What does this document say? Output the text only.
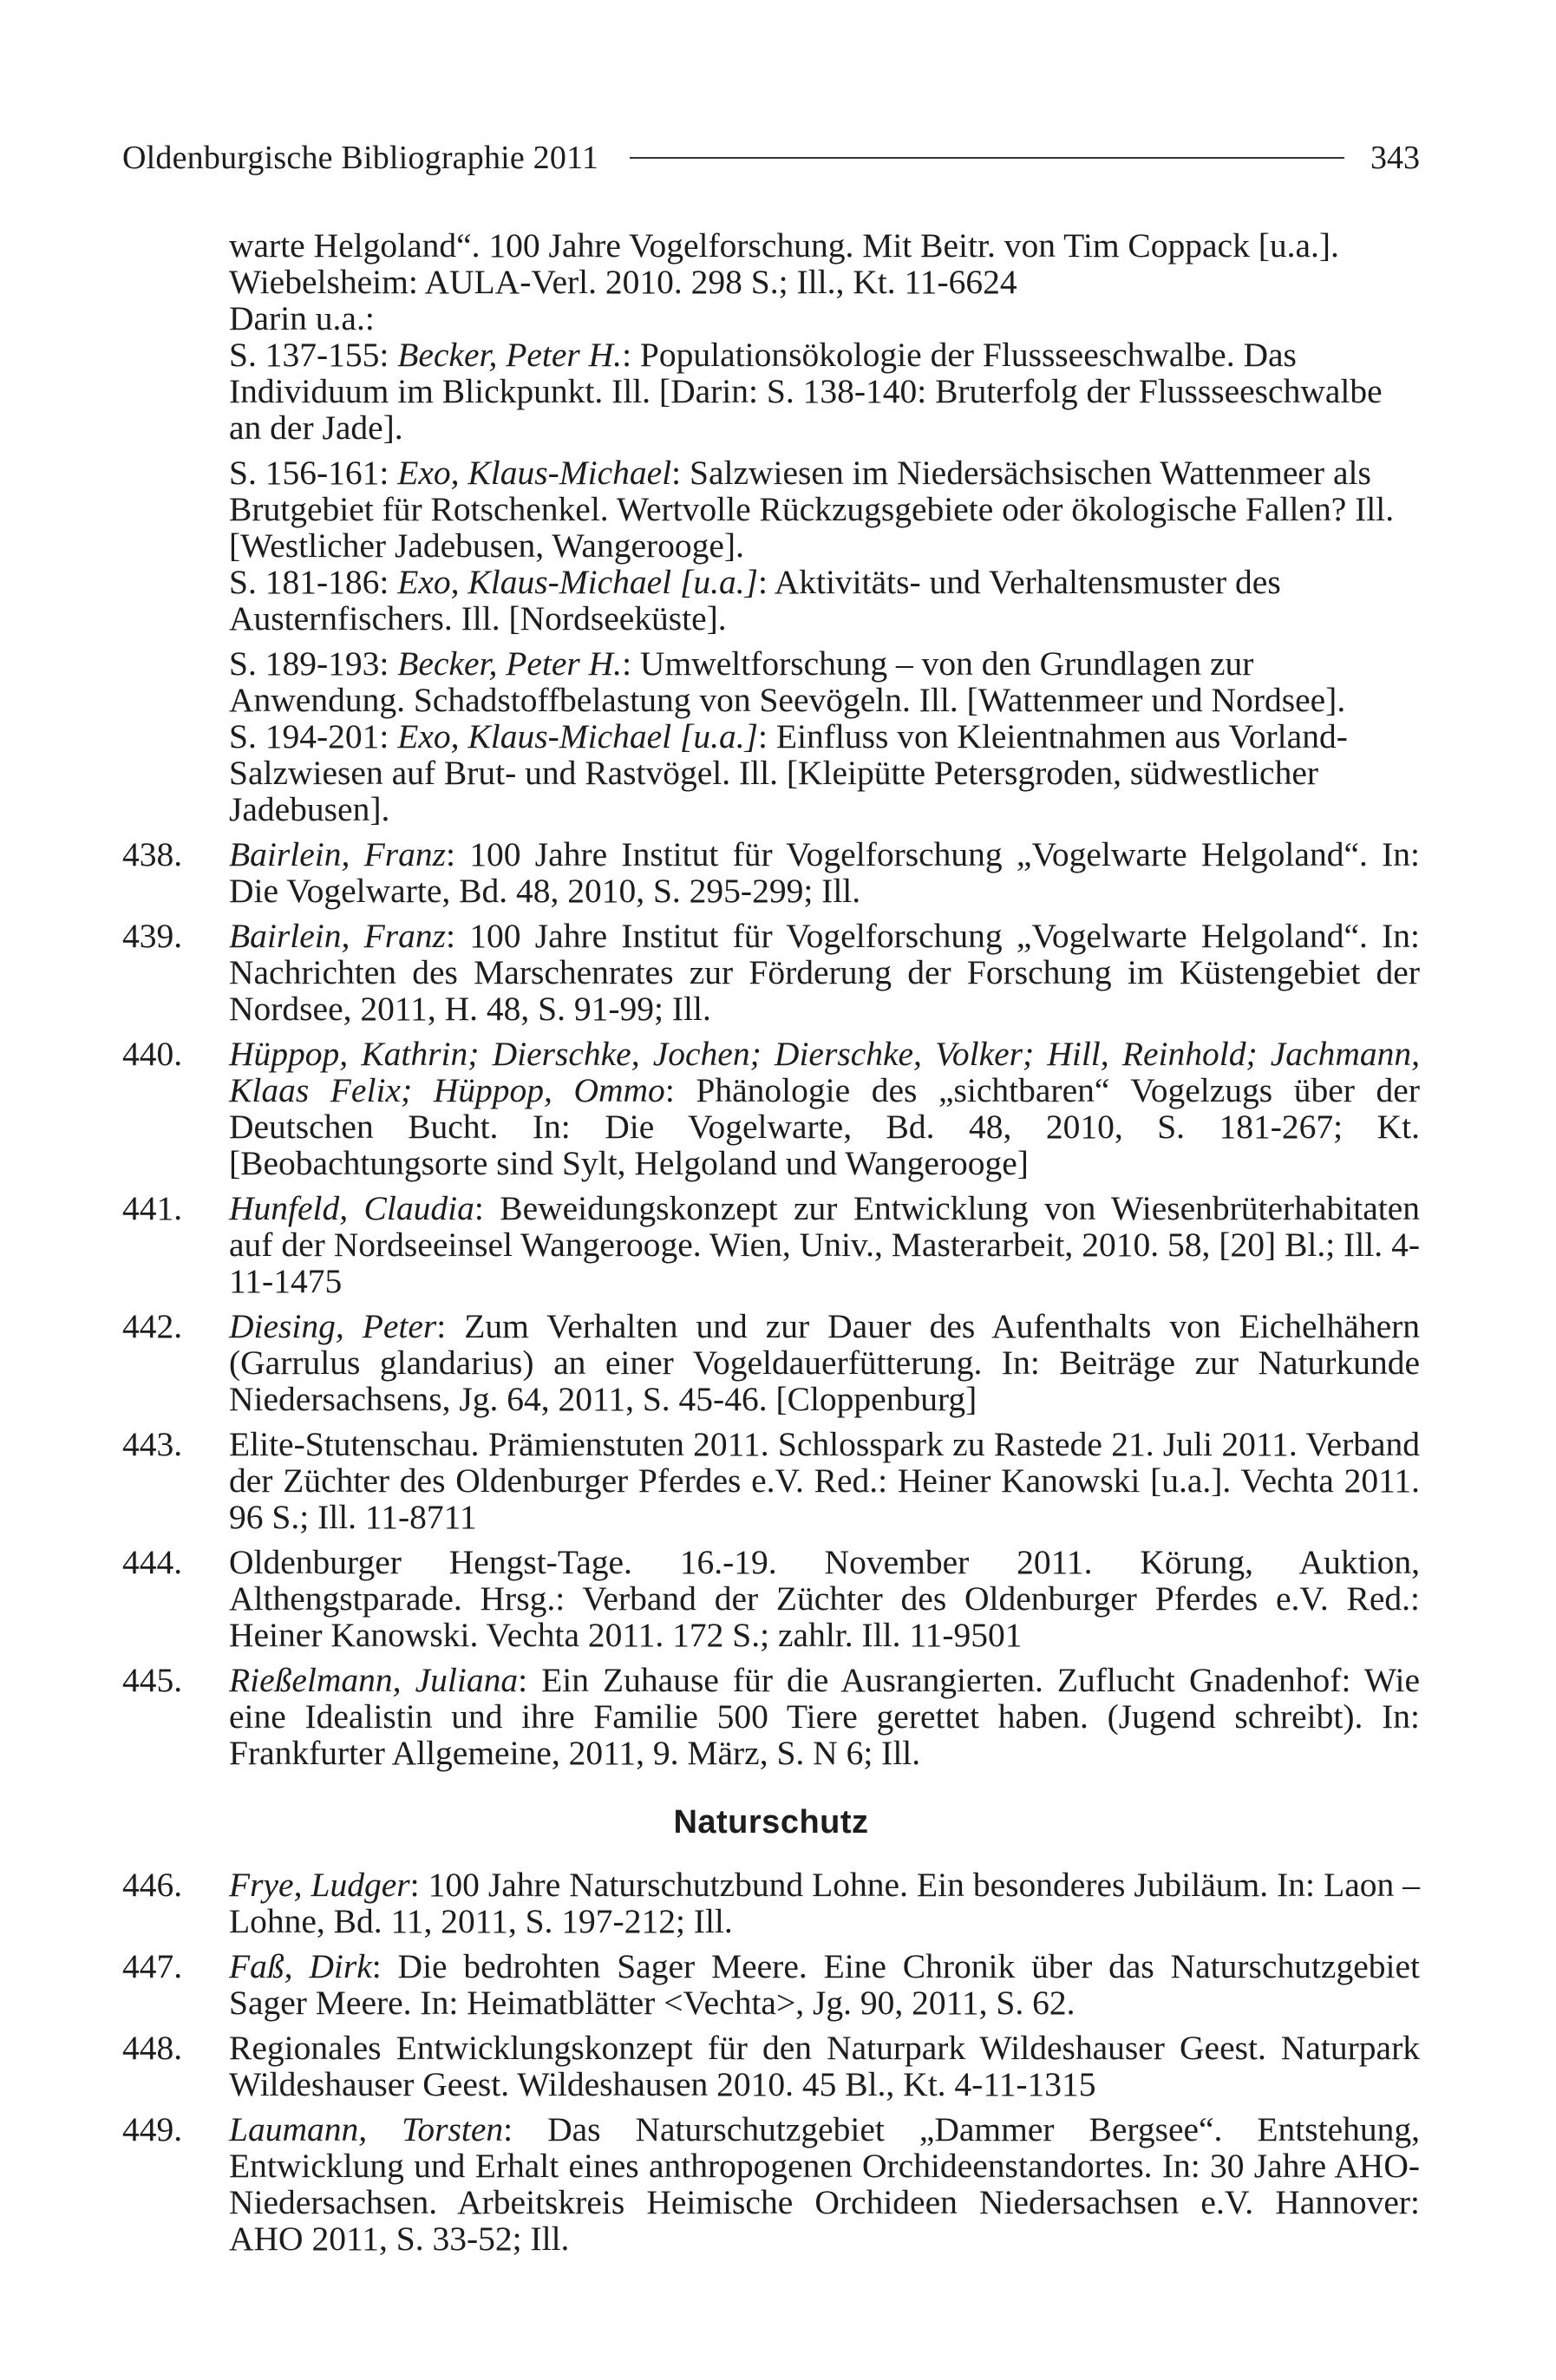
Oldenburgische Bibliographie 2011	343

warte Helgoland“. 100 Jahre Vogelforschung. Mit Beitr. von Tim Coppack [u.a.]. Wiebelsheim: AULA-Verl. 2010. 298 S.; Ill., Kt. 11-6624

Darin u.a.:

S. 137-155: Becker, Peter H.: Populationsökologie der Flussseeschwalbe. Das Individuum im Blickpunkt. Ill. [Darin: S. 138-140: Bruterfolg der Flussseeschwalbe an der Jade].

S. 156-161: Exo, Klaus-Michael: Salzwiesen im Niedersächsischen Wattenmeer als Brutgebiet für Rotschenkel. Wertvolle Rückzugsgebiete oder ökologische Fallen? Ill. [Westlicher Jadebusen, Wangerooge].

S. 181-186: Exo, Klaus-Michael [u.a.]: Aktivitäts- und Verhaltensmuster des Austernfischers. Ill. [Nordseeküste].

S. 189-193: Becker, Peter H.: Umweltforschung – von den Grundlagen zur Anwendung. Schadstoffbelastung von Seevögeln. Ill. [Wattenmeer und Nordsee].

S. 194-201: Exo, Klaus-Michael [u.a.]: Einfluss von Kleientnahmen aus Vorland-Salzwiesen auf Brut- und Rastvögel. Ill. [Kleipütte Petersgroden, südwestlicher Jadebusen].

438.	Bairlein, Franz: 100 Jahre Institut für Vogelforschung „Vogelwarte Helgoland“. In: Die Vogelwarte, Bd. 48, 2010, S. 295-299; Ill.
439.	Bairlein, Franz: 100 Jahre Institut für Vogelforschung „Vogelwarte Helgoland“. In: Nachrichten des Marschenrates zur Förderung der Forschung im Küstengebiet der Nordsee, 2011, H. 48, S. 91-99; Ill.
440.	Hüppop, Kathrin; Dierschke, Jochen; Dierschke, Volker; Hill, Reinhold; Jachmann, Klaas Felix; Hüppop, Ommo: Phänologie des „sichtbaren“ Vogelzugs über der Deutschen Bucht. In: Die Vogelwarte, Bd. 48, 2010, S. 181-267; Kt. [Beobachtungsorte sind Sylt, Helgoland und Wangerooge]
441.	Hunfeld, Claudia: Beweidungskonzept zur Entwicklung von Wiesenbrüterhabitaten auf der Nordseeinsel Wangerooge. Wien, Univ., Masterarbeit, 2010. 58, [20] Bl.; Ill. 4-11-1475
442.	Diesing, Peter: Zum Verhalten und zur Dauer des Aufenthalts von Eichelhähern (Garrulus glandarius) an einer Vogeldauerfütterung. In: Beiträge zur Naturkunde Niedersachsens, Jg. 64, 2011, S. 45-46. [Cloppenburg]
443.	Elite-Stutenschau. Prämienstuten 2011. Schlosspark zu Rastede 21. Juli 2011. Verband der Züchter des Oldenburger Pferdes e.V. Red.: Heiner Kanowski [u.a.]. Vechta 2011. 96 S.; Ill. 11-8711
444.	Oldenburger Hengst-Tage. 16.-19. November 2011. Körung, Auktion, Althengstparade. Hrsg.: Verband der Züchter des Oldenburger Pferdes e.V. Red.: Heiner Kanowski. Vechta 2011. 172 S.; zahlr. Ill. 11-9501
445.	Rießelmann, Juliana: Ein Zuhause für die Ausrangierten. Zuflucht Gnadenhof: Wie eine Idealistin und ihre Familie 500 Tiere gerettet haben. (Jugend schreibt). In: Frankfurter Allgemeine, 2011, 9. März, S. N 6; Ill.
Naturschutz
446.	Frye, Ludger: 100 Jahre Naturschutzbund Lohne. Ein besonderes Jubiläum. In: Laon – Lohne, Bd. 11, 2011, S. 197-212; Ill.
447.	Faß, Dirk: Die bedrohten Sager Meere. Eine Chronik über das Naturschutzgebiet Sager Meere. In: Heimatblätter <Vechta>, Jg. 90, 2011, S. 62.
448.	Regionales Entwicklungskonzept für den Naturpark Wildeshauser Geest. Naturpark Wildeshauser Geest. Wildeshausen 2010. 45 Bl., Kt. 4-11-1315
449.	Laumann, Torsten: Das Naturschutzgebiet „Dammer Bergsee“. Entstehung, Entwicklung und Erhalt eines anthropogenen Orchideenstandortes. In: 30 Jahre AHO-Niedersachsen. Arbeitskreis Heimische Orchideen Niedersachsen e.V. Hannover: AHO 2011, S. 33-52; Ill.
